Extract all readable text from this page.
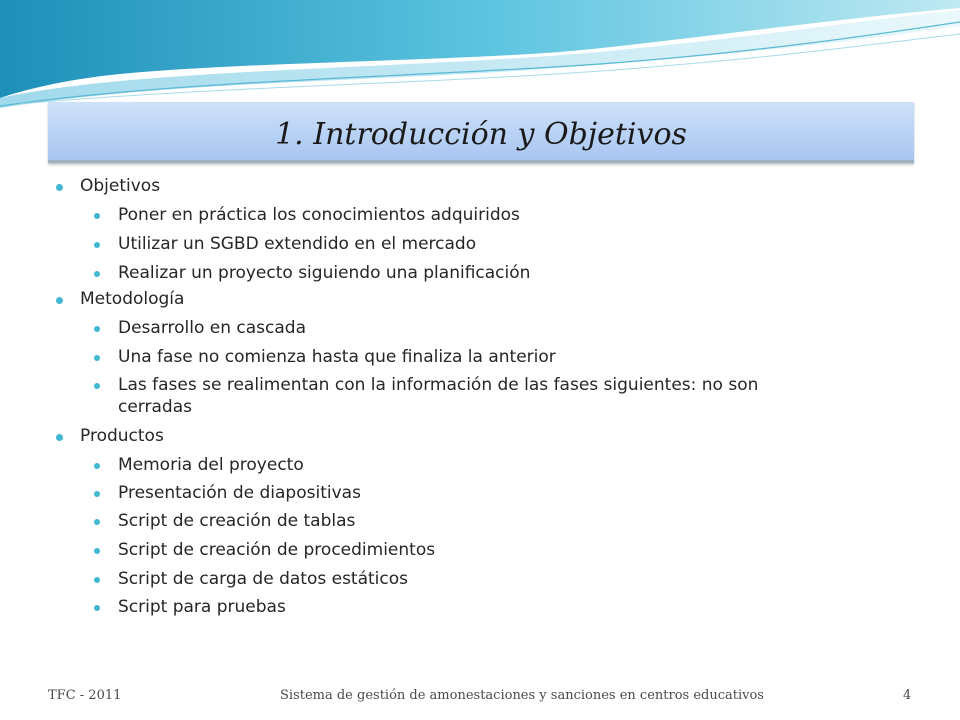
1. Introducción y Objetivos
Objetivos
Poner en práctica los conocimientos adquiridos
Utilizar un SGBD extendido en el mercado
Realizar un proyecto siguiendo una planificación
Metodología
Desarrollo en cascada
Una fase no comienza hasta que finaliza la anterior
Las fases se realimentan con la información de las fases siguientes: no son
cerradas
Productos
Memoria del proyecto
Presentación de diapositivas
Script de creación de tablas
Script de creación de procedimientos
Script de carga de datos estáticos
Script para pruebas
TFC - 2011	Sistema de gestión de amonestaciones y sanciones en centros educativos	4
